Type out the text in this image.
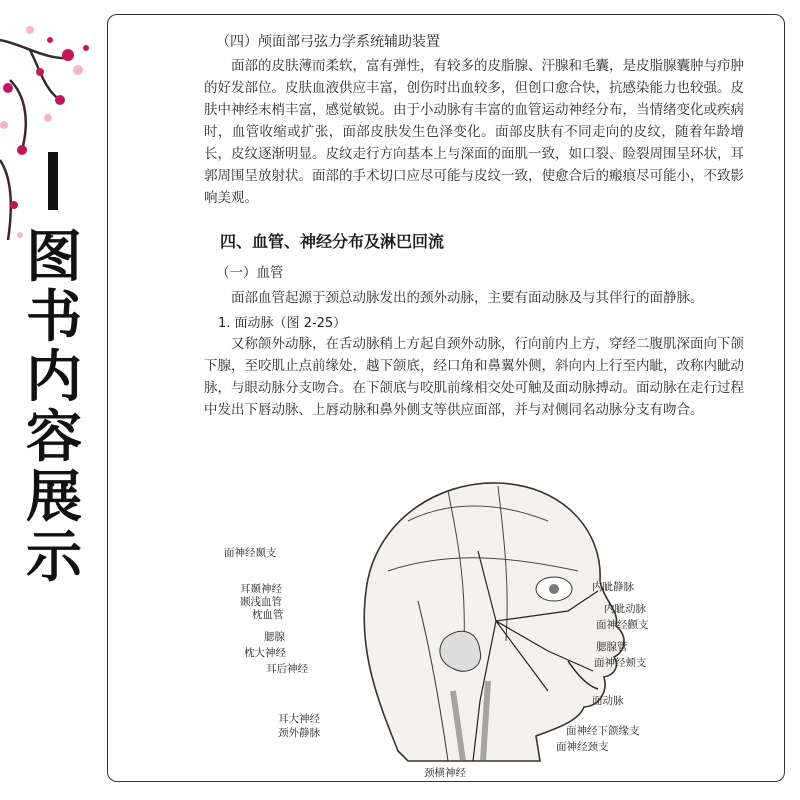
图
书
内
容
展
示
（四）颅面部弓弦力学系统辅助装置
面部的皮肤薄而柔软，富有弹性，有较多的皮脂腺、汗腺和毛囊，是皮脂腺囊肿与疖肿的好发部位。皮肤血液供应丰富，创伤时出血较多，但创口愈合快，抗感染能力也较强。皮肤中神经末梢丰富，感觉敏锐。由于小动脉有丰富的血管运动神经分布，当情绪变化或疾病时，血管收缩或扩张，面部皮肤发生色泽变化。面部皮肤有不同走向的皮纹，随着年龄增长，皮纹逐渐明显。皮纹走行方向基本上与深面的面肌一致，如口裂、睑裂周围呈环状，耳郭周围呈放射状。面部的手术切口应尽可能与皮纹一致，使愈合后的瘢痕尽可能小，不致影响美观。
四、血管、神经分布及淋巴回流
（一）血管
面部血管起源于颈总动脉发出的颈外动脉，主要有面动脉及与其伴行的面静脉。
1. 面动脉（图 2-25）
又称颌外动脉，在舌动脉稍上方起自颈外动脉，行向前内上方，穿经二腹肌深面向下颌下腺，至咬肌止点前缘处，越下颌底，经口角和鼻翼外侧，斜向内上行至内眦，改称内眦动脉，与眼动脉分支吻合。在下颌底与咬肌前缘相交处可触及面动脉搏动。面动脉在走行过程中发出下唇动脉、上唇动脉和鼻外侧支等供应面部，并与对侧同名动脉分支有吻合。
面神经颞支
耳颞神经
颞浅血管
枕血管
腮腺
枕大神经
耳后神经
耳大神经
颈外静脉
内眦静脉
内眦动脉
面神经颧支
腮腺管
面神经颊支
面动脉
面神经下颌缘支
面神经颈支
颈横神经
